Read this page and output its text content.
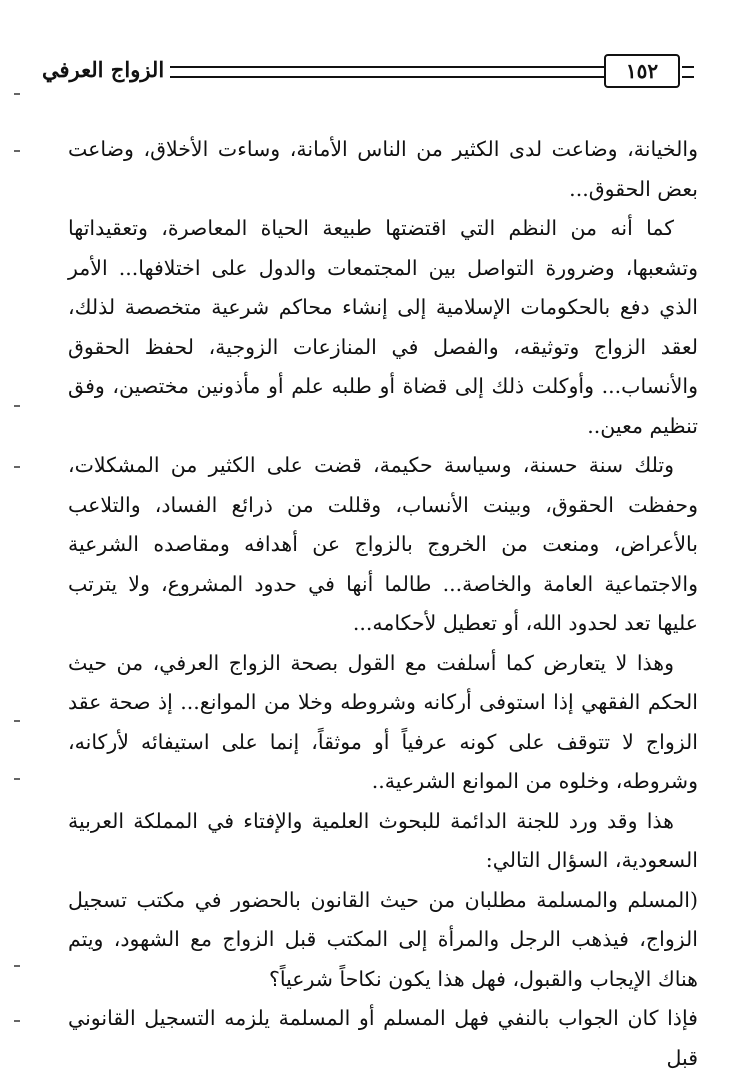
الزواج العرفي	١٥٢

والخيانة، وضاعت لدى الكثير من الناس الأمانة، وساءت الأخلاق، وضاعت بعض الحقوق...

كما أنه من النظم التي اقتضتها طبيعة الحياة المعاصرة، وتعقيداتها وتشعبها، وضرورة التواصل بين المجتمعات والدول على اختلافها... الأمر الذي دفع بالحكومات الإسلامية إلى إنشاء محاكم شرعية متخصصة لذلك، لعقد الزواج وتوثيقه، والفصل في المنازعات الزوجية، لحفظ الحقوق والأنساب... وأوكلت ذلك إلى قضاة أو طلبه علم أو مأذونين مختصين، وفق تنظيم معين..

وتلك سنة حسنة، وسياسة حكيمة، قضت على الكثير من المشكلات، وحفظت الحقوق، وبينت الأنساب، وقللت من ذرائع الفساد، والتلاعب بالأعراض، ومنعت من الخروج بالزواج عن أهدافه ومقاصده الشرعية والاجتماعية العامة والخاصة... طالما أنها في حدود المشروع، ولا يترتب عليها تعد لحدود الله، أو تعطيل لأحكامه...

وهذا لا يتعارض كما أسلفت مع القول بصحة الزواج العرفي، من حيث الحكم الفقهي إذا استوفى أركانه وشروطه وخلا من الموانع... إذ صحة عقد الزواج لا تتوقف على كونه عرفياً أو موثقاً، إنما على استيفائه لأركانه، وشروطه، وخلوه من الموانع الشرعية..

هذا وقد ورد للجنة الدائمة للبحوث العلمية والإفتاء في المملكة العربية السعودية، السؤال التالي:

(المسلم والمسلمة مطلبان من حيث القانون بالحضور في مكتب تسجيل الزواج، فيذهب الرجل والمرأة إلى المكتب قبل الزواج مع الشهود، ويتم هناك الإيجاب والقبول، فهل هذا يكون نكاحاً شرعياً؟

فإذا كان الجواب بالنفي فهل المسلم أو المسلمة يلزمه التسجيل القانوني قبل
